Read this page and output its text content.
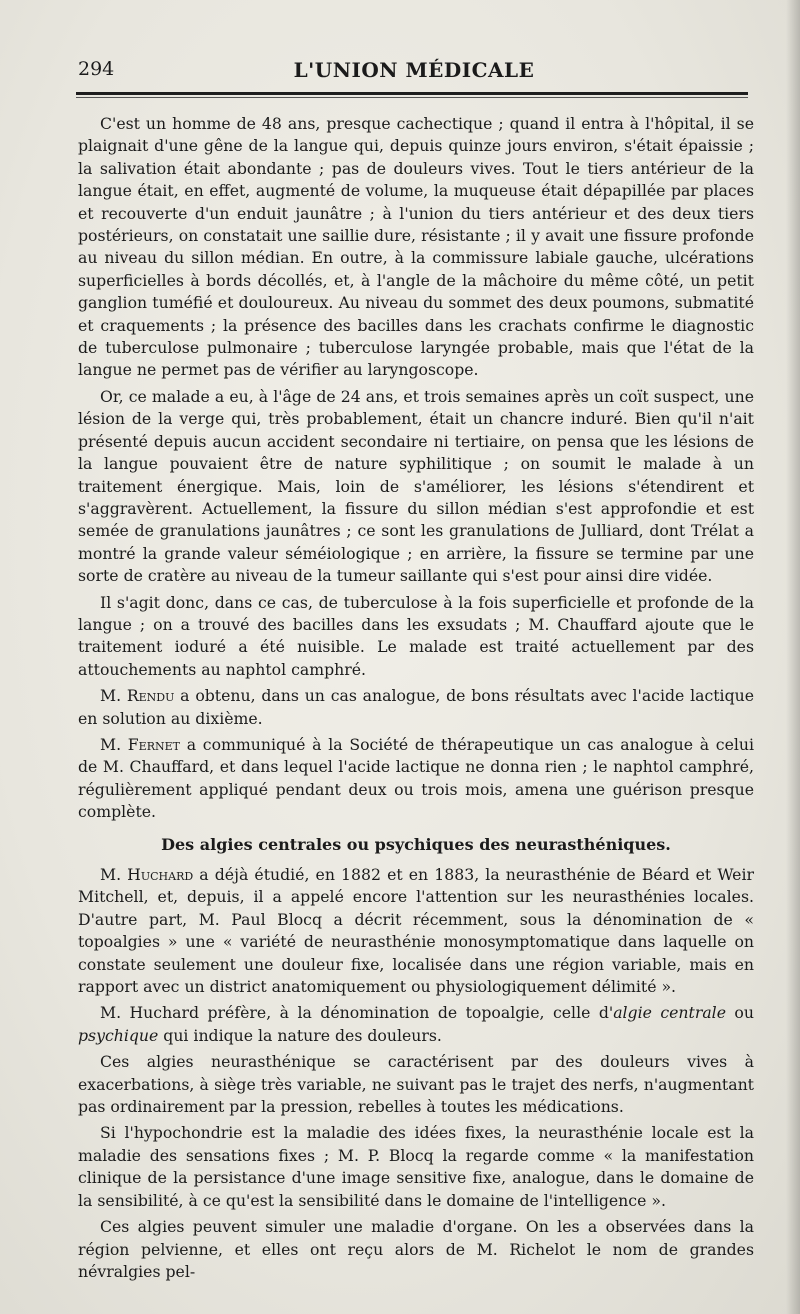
294	L'UNION MÉDICALE

C'est un homme de 48 ans, presque cachectique ; quand il entra à l'hôpital, il se plaignait d'une gêne de la langue qui, depuis quinze jours environ, s'était épaissie ; la salivation était abondante ; pas de douleurs vives. Tout le tiers antérieur de la langue était, en effet, augmenté de volume, la muqueuse était dépapillée par places et recouverte d'un enduit jaunâtre ; à l'union du tiers antérieur et des deux tiers postérieurs, on constatait une saillie dure, résistante ; il y avait une fissure profonde au niveau du sillon médian. En outre, à la commissure labiale gauche, ulcérations superficielles à bords décollés, et, à l'angle de la mâchoire du même côté, un petit ganglion tuméfié et douloureux. Au niveau du sommet des deux poumons, submatité et craquements ; la présence des bacilles dans les crachats confirme le diagnostic de tuberculose pulmonaire ; tuberculose laryngée probable, mais que l'état de la langue ne permet pas de vérifier au laryngoscope.

Or, ce malade a eu, à l'âge de 24 ans, et trois semaines après un coït suspect, une lésion de la verge qui, très probablement, était un chancre induré. Bien qu'il n'ait présenté depuis aucun accident secondaire ni tertiaire, on pensa que les lésions de la langue pouvaient être de nature syphilitique ; on soumit le malade à un traitement énergique. Mais, loin de s'améliorer, les lésions s'étendirent et s'aggravèrent. Actuellement, la fissure du sillon médian s'est approfondie et est semée de granulations jaunâtres ; ce sont les granulations de Julliard, dont Trélat a montré la grande valeur séméiologique ; en arrière, la fissure se termine par une sorte de cratère au niveau de la tumeur saillante qui s'est pour ainsi dire vidée.

Il s'agit donc, dans ce cas, de tuberculose à la fois superficielle et profonde de la langue ; on a trouvé des bacilles dans les exsudats ; M. Chauffard ajoute que le traitement ioduré a été nuisible. Le malade est traité actuellement par des attouchements au naphtol camphré.

M. Rendu a obtenu, dans un cas analogue, de bons résultats avec l'acide lactique en solution au dixième.

M. Fernet a communiqué à la Société de thérapeutique un cas analogue à celui de M. Chauffard, et dans lequel l'acide lactique ne donna rien ; le naphtol camphré, régulièrement appliqué pendant deux ou trois mois, amena une guérison presque complète.

Des algies centrales ou psychiques des neurasthéniques.

M. Huchard a déjà étudié, en 1882 et en 1883, la neurasthénie de Béard et Weir Mitchell, et, depuis, il a appelé encore l'attention sur les neurasthénies locales. D'autre part, M. Paul Blocq a décrit récemment, sous la dénomination de « topoalgies » une « variété de neurasthénie monosymptomatique dans laquelle on constate seulement une douleur fixe, localisée dans une région variable, mais en rapport avec un district anatomiquement ou physiologiquement délimité ».

M. Huchard préfère, à la dénomination de topoalgie, celle d'algie centrale ou psychique qui indique la nature des douleurs.

Ces algies neurasthénique se caractérisent par des douleurs vives à exacerbations, à siège très variable, ne suivant pas le trajet des nerfs, n'augmentant pas ordinairement par la pression, rebelles à toutes les médications.

Si l'hypochondrie est la maladie des idées fixes, la neurasthénie locale est la maladie des sensations fixes ; M. P. Blocq la regarde comme « la manifestation clinique de la persistance d'une image sensitive fixe, analogue, dans le domaine de la sensibilité, à ce qu'est la sensibilité dans le domaine de l'intelligence ».

Ces algies peuvent simuler une maladie d'organe. On les a observées dans la région pelvienne, et elles ont reçu alors de M. Richelot le nom de grandes névralgies pel-
